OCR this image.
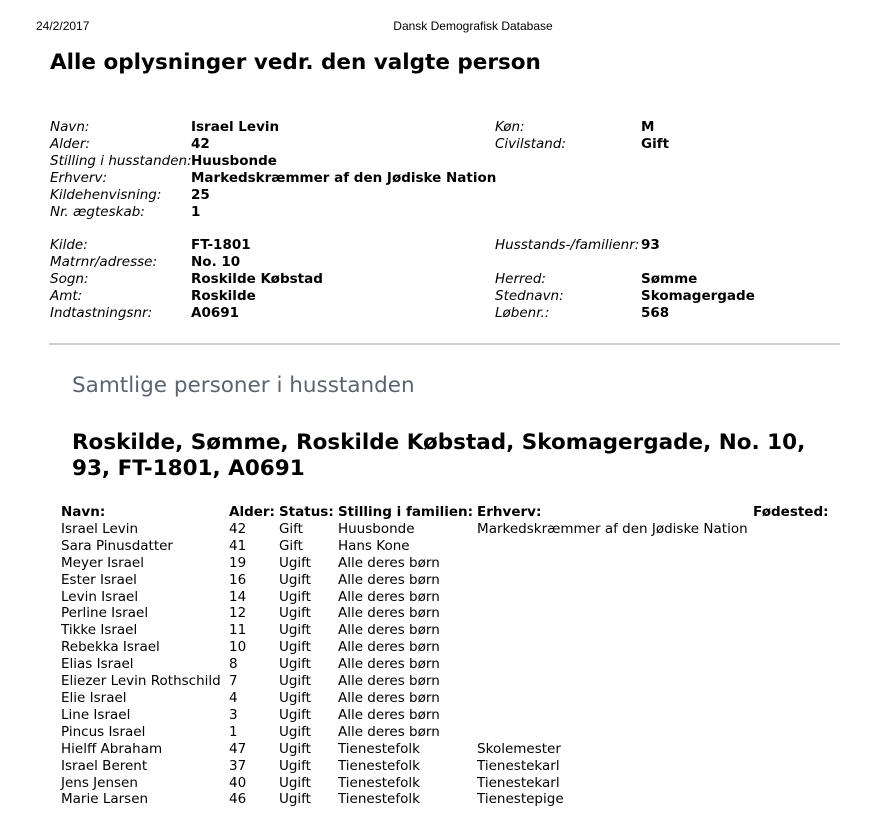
24/2/2017	Dansk Demografisk Database
Alle oplysninger vedr. den valgte person
Navn:	Israel Levin	Køn:	M
Alder:	42	Civilstand:	Gift
Stilling i husstanden: Huusbonde
Erhverv:	Markedskræmmer af den Jødiske Nation
Kildehenvisning: 25
Nr. ægteskab:	1
Kilde:	FT-1801	Husstands-/familienr: 93
Matrnr/adresse:	No. 10
Sogn:	Roskilde Købstad	Herred:	Sømme
Amt:	Roskilde	Stednavn:	Skomagergade
Indtastningsnr:	A0691	Løbenr.:	568
Samtlige personer i husstanden
Roskilde, Sømme, Roskilde Købstad, Skomagergade, No. 10, 93, FT-1801, A0691
Navn:	Alder:	Status:	Stilling i familien:	Erhverv:	Fødested:
Israel Levin	42	Gift	Huusbonde	Markedskræmmer af den Jødiske Nation	
Sara Pinusdatter	41	Gift	Hans Kone		
Meyer Israel	19	Ugift	Alle deres børn		
Ester Israel	16	Ugift	Alle deres børn		
Levin Israel	14	Ugift	Alle deres børn		
Perline Israel	12	Ugift	Alle deres børn		
Tikke Israel	11	Ugift	Alle deres børn		
Rebekka Israel	10	Ugift	Alle deres børn		
Elias Israel	8	Ugift	Alle deres børn		
Eliezer Levin Rothschild	7	Ugift	Alle deres børn		
Elie Israel	4	Ugift	Alle deres børn		
Line Israel	3	Ugift	Alle deres børn		
Pincus Israel	1	Ugift	Alle deres børn		
Hielff Abraham	47	Ugift	Tienestefolk	Skolemester	
Israel Berent	37	Ugift	Tienestefolk	Tienestekarl	
Jens Jensen	40	Ugift	Tienestefolk	Tienestekarl	
Marie Larsen	46	Ugift	Tienestefolk	Tienestepige	
